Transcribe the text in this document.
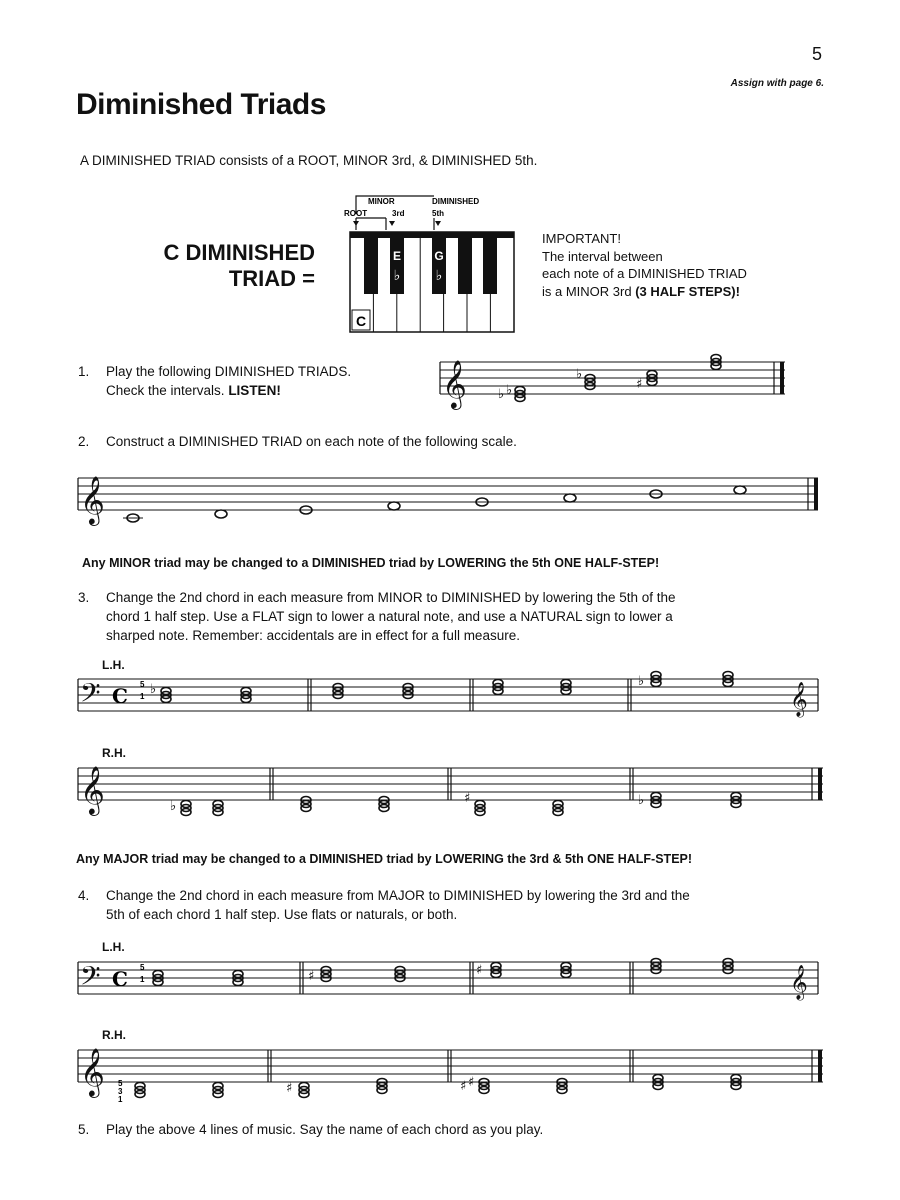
5
Assign with page 6.
Diminished Triads
A DIMINISHED TRIAD consists of a ROOT, MINOR 3rd, & DIMINISHED 5th.
C DIMINISHED
TRIAD =
MINOR	DIMINISHED
ROOT	3rd	5th
E
♭
G
♭
C
IMPORTANT!
The interval between
each note of a DIMINISHED TRIAD
is a MINOR 3rd (3 HALF STEPS)!
1. Play the following DIMINISHED TRIADS.
Check the intervals. LISTEN!	𝄞 ♭ ♭
♭
♯
2. Construct a DIMINISHED TRIAD on each note of the following scale.
𝄞
Any MINOR triad may be changed to a DIMINISHED triad by LOWERING the 5th ONE HALF-STEP!
3. Change the 2nd chord in each measure from MINOR to DIMINISHED by lowering the 5th of the
chord 1 half step. Use a FLAT sign to lower a natural note, and use a NATURAL sign to lower a
sharped note. Remember: accidentals are in effect for a full measure.
L.H.
𝄢 C 5
1 ♭
♭
𝄞
R.H.
𝄞	♭
♯	♭
Any MAJOR triad may be changed to a DIMINISHED triad by LOWERING the 3rd & 5th ONE HALF-STEP!
4. Change the 2nd chord in each measure from MAJOR to DIMINISHED by lowering the 3rd and the
5th of each chord 1 half step. Use flats or naturals, or both.
L.H.
𝄢 C 5
1	♯	♯	𝄞
R.H.
𝄞 5
3
1
♯	♯ ♯
5. Play the above 4 lines of music. Say the name of each chord as you play.
